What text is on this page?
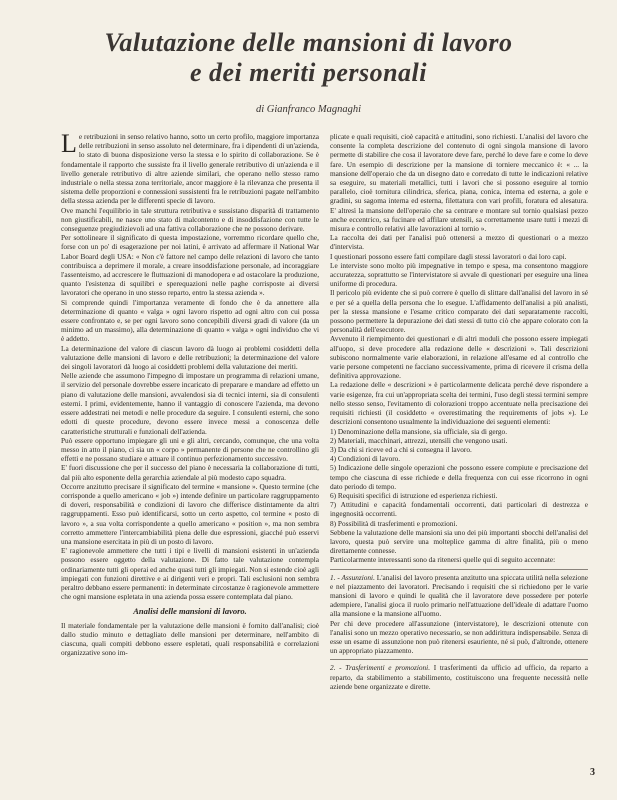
Valutazione delle mansioni di lavoro
e dei meriti personali
di Gianfranco Magnaghi

Le retribuzioni in senso relativo hanno, sotto un certo profilo, maggiore importanza delle retribuzioni in senso assoluto nel determinare, fra i dipendenti di un'azienda, lo stato di buona disposizione verso la stessa e lo spirito di collaborazione. Se è fondamentale il rapporto che sussiste fra il livello generale retributivo di un'azienda e il livello generale retributivo di altre aziende similari, che operano nello stesso ramo industriale o nella stessa zona territoriale, ancor maggiore è la rilevanza che presenta il sistema delle proporzioni e connessioni sussistenti fra le retribuzioni pagate nell'ambito della stessa azienda per le differenti specie di lavoro.

Ove manchi l'equilibrio in tale struttura retributiva e sussistano disparità di trattamento non giustificabili, ne nasce uno stato di malcontento e di insoddisfazione con tutte le conseguenze pregiudizievoli ad una fattiva collaborazione che ne possono derivare.

Per sottolineare il significato di questa impostazione, vorremmo ricordare quello che, forse con un po' di esagerazione per noi latini, è arrivato ad affermare il National War Labor Board degli USA: « Non c'è fattore nel campo delle relazioni di lavoro che tanto contribuisca a deprimere il morale, a creare insoddisfazione personale, ad incoraggiare l'assenteismo, ad accrescere le fluttuazioni di manodopera e ad ostacolare la produzione, quanto l'esistenza di squilibri e sperequazioni nelle paghe corrisposte ai diversi lavoratori che operano in uno stesso reparto, entro la stessa azienda ».

Si comprende quindi l'importanza veramente di fondo che è da annettere alla determinazione di quanto « valga » ogni lavoro rispetto ad ogni altro con cui possa essere confrontato e, se per ogni lavoro sono concepibili diversi gradi di valore (da un minimo ad un massimo), alla determinazione di quanto « valga » ogni individuo che vi è addetto.

La determinazione del valore di ciascun lavoro dà luogo ai problemi cosiddetti della valutazione delle mansioni di lavoro e delle retribuzioni; la determinazione del valore dei singoli lavoratori dà luogo ai cosiddetti problemi della valutazione dei meriti.

Nelle aziende che assumono l'impegno di impostare un programma di relazioni umane, il servizio del personale dovrebbe essere incaricato di preparare e mandare ad effetto un piano di valutazione delle mansioni, avvalendosi sia di tecnici interni, sia di consulenti esterni. I primi, evidentemente, hanno il vantaggio di conoscere l'azienda, ma devono essere addestrati nei metodi e nelle procedure da seguire. I consulenti esterni, che sono edotti di queste procedure, devono essere invece messi a conoscenza delle caratteristiche strutturali e funzionali dell'azienda.

Può essere opportuno impiegare gli uni e gli altri, cercando, comunque, che una volta messo in atto il piano, ci sia un « corpo » permanente di persone che ne controllino gli effetti e ne possano studiare e attuare il continuo perfezionamento successivo.

E' fuori discussione che per il successo del piano è necessaria la collaborazione di tutti, dal più alto esponente della gerarchia aziendale al più modesto capo squadra.

Occorre anzitutto precisare il significato del termine « mansione ». Questo termine (che corrisponde a quello americano « job ») intende definire un particolare raggruppamento di doveri, responsabilità e condizioni di lavoro che differisce distintamente da altri raggruppamenti. Esso può identificarsi, sotto un certo aspetto, col termine « posto di lavoro », a sua volta corrispondente a quello americano « position », ma non sembra corretto ammettere l'intercambiabilità piena delle due espressioni, giacché può esservi una mansione esercitata in più di un posto di lavoro.

E' ragionevole ammettere che tutti i tipi e livelli di mansioni esistenti in un'azienda possono essere oggetto della valutazione. Di fatto tale valutazione contempla ordinariamente tutti gli operai ed anche quasi tutti gli impiegati. Non si estende cioè agli impiegati con funzioni direttive e ai dirigenti veri e propri. Tali esclusioni non sembra peraltro debbano essere permanenti: in determinate circostanze è ragionevole ammettere che ogni mansione espletata in una azienda possa essere contemplata dal piano.

Analisi delle mansioni di lavoro.

Il materiale fondamentale per la valutazione delle mansioni è fornito dall'analisi; cioè dallo studio minuto e dettagliato delle mansioni per determinare, nell'ambito di ciascuna, quali compiti debbono essere espletati, quali responsabilità e correlazioni organizzative sono im-

plicate e quali requisiti, cioè capacità e attitudini, sono richiesti. L'analisi del lavoro che consente la completa descrizione del contenuto di ogni singola mansione di lavoro permette di stabilire che cosa il lavoratore deve fare, perché lo deve fare e come lo deve fare. Un esempio di descrizione per la mansione di torniere meccanico è: « ... la mansione dell'operaio che da un disegno dato e corredato di tutte le indicazioni relative sa eseguire, su materiali metallici, tutti i lavori che si possono eseguire al tornio parallelo, cioè tornitura cilindrica, sferica, piana, conica, interna ed esterna, a gole e gradini, su sagoma interna ed esterna, filettatura con vari profili, foratura ed alesatura. E' altresì la mansione dell'operaio che sa centrare e montare sul tornio qualsiasi pezzo anche eccentrico, sa fucinare ed affilare utensili, sa correttamente usare tutti i mezzi di misura e controllo relativi alle lavorazioni al tornio ».

La raccolta dei dati per l'analisi può ottenersi a mezzo di questionari o a mezzo d'intervista.

I questionari possono essere fatti compilare dagli stessi lavoratori o dai loro capi.

Le interviste sono molto più impegnative in tempo e spesa, ma consentono maggiore accuratezza, soprattutto se l'intervistatore si avvale di questionari per eseguire una linea uniforme di procedura.

Il pericolo più evidente che si può correre è quello di slittare dall'analisi del lavoro in sé e per sé a quella della persona che lo esegue. L'affidamento dell'analisi a più analisti, per la stessa mansione e l'esame critico comparato dei dati separatamente raccolti, possono permettere la depurazione dei dati stessi di tutto ciò che appare colorato con la personalità dell'esecutore.

Avvenuto il riempimento dei questionari e di altri moduli che possono essere impiegati all'uopo, si deve procedere alla redazione delle « descrizioni ». Tali descrizioni subiscono normalmente varie elaborazioni, in relazione all'esame ed al controllo che varie persone competenti ne facciano successivamente, prima di ricevere il crisma della definitiva approvazione.

La redazione delle « descrizioni » è particolarmente delicata perché deve rispondere a varie esigenze, fra cui un'appropriata scelta dei termini, l'uso degli stessi termini sempre nello stesso senso, l'evitamento di colorazioni troppo accentuate nella precisazione dei requisiti richiesti (il cosiddetto « overestimating the requirements of jobs »). Le descrizioni consentono usualmente la individuazione dei seguenti elementi:

1) Denominazione della mansione, sia ufficiale, sia di gergo.

2) Materiali, macchinari, attrezzi, utensili che vengono usati.

3) Da chi si riceve ed a chi si consegna il lavoro.

4) Condizioni di lavoro.

5) Indicazione delle singole operazioni che possono essere compiute e precisazione del tempo che ciascuna di esse richiede e della frequenza con cui esse ricorrono in ogni dato periodo di tempo.

6) Requisiti specifici di istruzione ed esperienza richiesti.

7) Attitudini e capacità fondamentali occorrenti, dati particolari di destrezza e ingegnosità occorrenti.

8) Possibilità di trasferimenti e promozioni.

Sebbene la valutazione delle mansioni sia uno dei più importanti sbocchi dell'analisi del lavoro, questa può servire una molteplice gamma di altre finalità, più o meno direttamente connesse.

Particolarmente interessanti sono da ritenersi quelle qui di seguito accennate:

1. - Assunzioni. L'analisi del lavoro presenta anzitutto una spiccata utilità nella selezione e nel piazzamento dei lavoratori. Precisando i requisiti che si richiedono per le varie mansioni di lavoro e quindi le qualità che il lavoratore deve possedere per poterle adempiere, l'analisi gioca il ruolo primario nell'attuazione dell'ideale di adattare l'uomo alla mansione e la mansione all'uomo.

Per chi deve procedere all'assunzione (intervistatore), le descrizioni ottenute con l'analisi sono un mezzo operativo necessario, se non addirittura indispensabile. Senza di esse un esame di assunzione non può ritenersi esauriente, né si può, d'altronde, ottenere un appropriato piazzamento.

2. - Trasferimenti e promozioni. I trasferimenti da ufficio ad ufficio, da reparto a reparto, da stabilimento a stabilimento, costituiscono una frequente necessità nelle aziende bene organizzate e dirette.

3
